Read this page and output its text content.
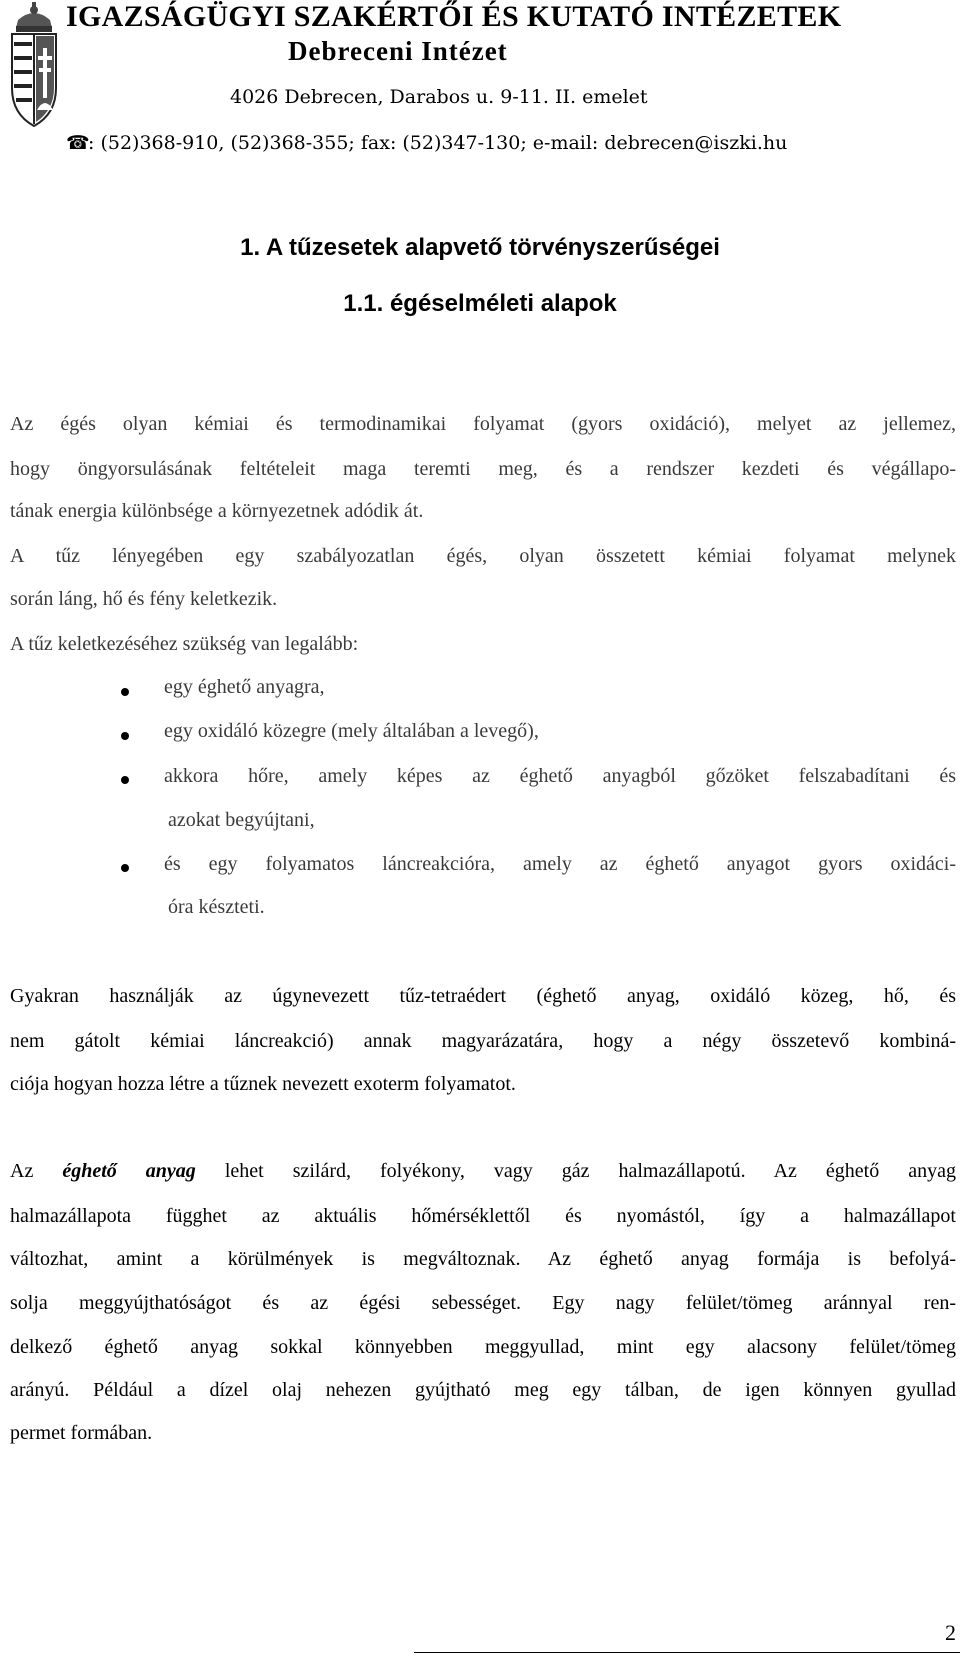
IGAZSÁGÜGYI SZAKÉRTŐI ÉS KUTATÓ INTÉZETEK
Debreceni Intézet
4026 Debrecen, Darabos u. 9-11. II. emelet
☎: (52)368-910, (52)368-355; fax: (52)347-130; e-mail: debrecen@iszki.hu
1. A tűzesetek alapvető törvényszerűségei
1.1. égéselméleti alapok
Az égés olyan kémiai és termodinamikai folyamat (gyors oxidáció), melyet az jellemez,
hogy öngyorsulásának feltételeit maga teremti meg, és a rendszer kezdeti és végállapo-
tának energia különbsége a környezetnek adódik át.
A tűz lényegében egy szabályozatlan égés, olyan összetett kémiai folyamat melynek
során láng, hő és fény keletkezik.
A tűz keletkezéséhez szükség van legalább:
egy éghető anyagra,
egy oxidáló közegre (mely általában a levegő),
akkora hőre, amely képes az éghető anyagból gőzöket felszabadítani és
azokat begyújtani,
és egy folyamatos láncreakcióra, amely az éghető anyagot gyors oxidáci-
óra készteti.
Gyakran használják az úgynevezett tűz-tetraédert (éghető anyag, oxidáló közeg, hő, és
nem gátolt kémiai láncreakció) annak magyarázatára, hogy a négy összetevő kombiná-
ciója hogyan hozza létre a tűznek nevezett exoterm folyamatot.
Az éghető anyag lehet szilárd, folyékony, vagy gáz halmazállapotú. Az éghető anyag
halmazállapota függhet az aktuális hőmérséklettől és nyomástól, így a halmazállapot
változhat, amint a körülmények is megváltoznak. Az éghető anyag formája is befolyá-
solja meggyújthatóságot és az égési sebességet. Egy nagy felület/tömeg aránnyal ren-
delkező éghető anyag sokkal könnyebben meggyullad, mint egy alacsony felület/tömeg
arányú. Például a dízel olaj nehezen gyújtható meg egy tálban, de igen könnyen gyullad
permet formában.
2
